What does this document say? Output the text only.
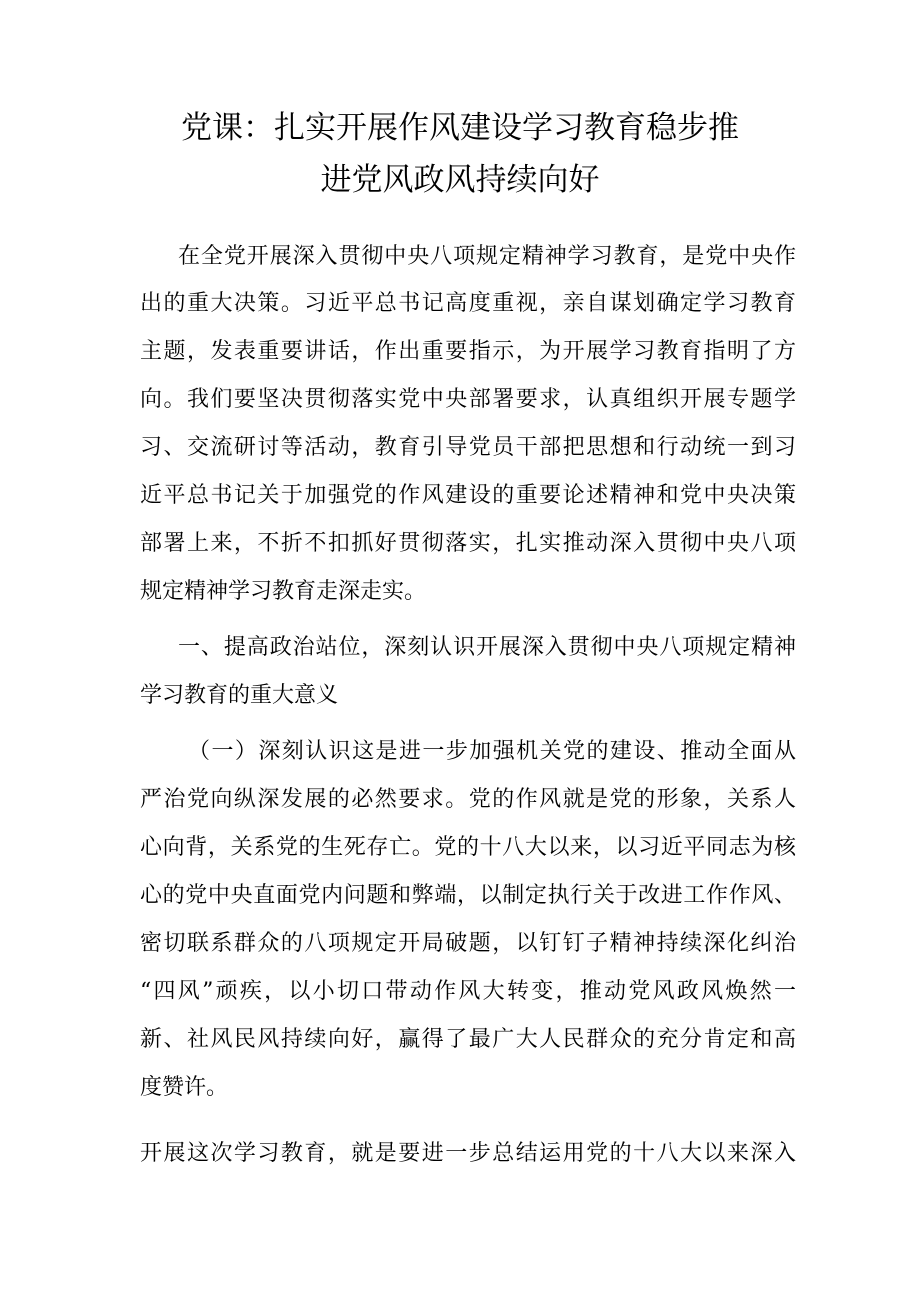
党课：扎实开展作风建设学习教育稳步推
进党风政风持续向好
在全党开展深入贯彻中央八项规定精神学习教育，是党中央作
出的重大决策。习近平总书记高度重视，亲自谋划确定学习教育
主题，发表重要讲话，作出重要指示，为开展学习教育指明了方
向。我们要坚决贯彻落实党中央部署要求，认真组织开展专题学
习、交流研讨等活动，教育引导党员干部把思想和行动统一到习
近平总书记关于加强党的作风建设的重要论述精神和党中央决策
部署上来，不折不扣抓好贯彻落实，扎实推动深入贯彻中央八项
规定精神学习教育走深走实。
一、提高政治站位，深刻认识开展深入贯彻中央八项规定精神
学习教育的重大意义
（一）深刻认识这是进一步加强机关党的建设、推动全面从
严治党向纵深发展的必然要求。党的作风就是党的形象，关系人
心向背，关系党的生死存亡。党的十八大以来，以习近平同志为核
心的党中央直面党内问题和弊端，以制定执行关于改进工作作风、
密切联系群众的八项规定开局破题，以钉钉子精神持续深化纠治
“四风”顽疾，以小切口带动作风大转变，推动党风政风焕然一
新、社风民风持续向好，赢得了最广大人民群众的充分肯定和高
度赞许。
开展这次学习教育，就是要进一步总结运用党的十八大以来深入
